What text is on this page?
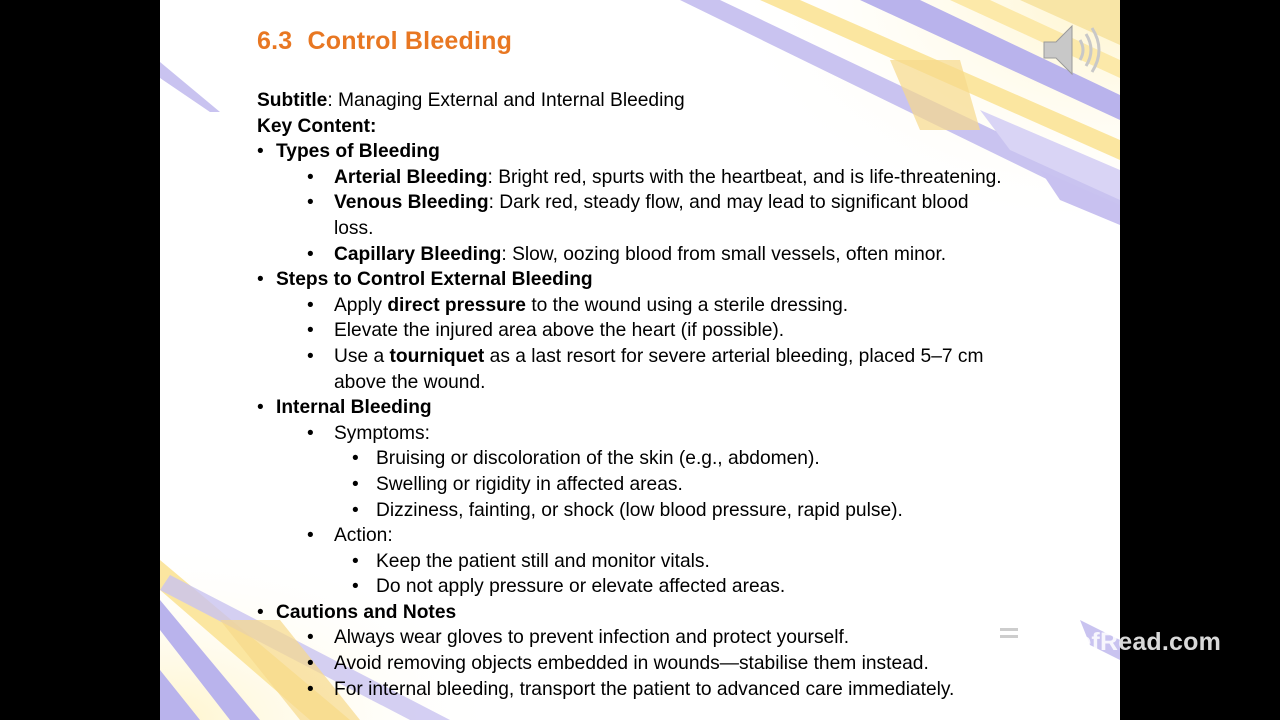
6.3 Control Bleeding
Subtitle: Managing External and Internal Bleeding
Key Content:
• Types of Bleeding
• Arterial Bleeding: Bright red, spurts with the heartbeat, and is life-threatening.
• Venous Bleeding: Dark red, steady flow, and may lead to significant blood
loss.
• Capillary Bleeding: Slow, oozing blood from small vessels, often minor.
• Steps to Control External Bleeding
• Apply direct pressure to the wound using a sterile dressing.
• Elevate the injured area above the heart (if possible).
• Use a tourniquet as a last resort for severe arterial bleeding, placed 5–7 cm
above the wound.
• Internal Bleeding
• Symptoms:
• Bruising or discoloration of the skin (e.g., abdomen).
• Swelling or rigidity in affected areas.
• Dizziness, fainting, or shock (low blood pressure, rapid pulse).
• Action:
• Keep the patient still and monitor vitals.
• Do not apply pressure or elevate affected areas.
• Cautions and Notes
• Always wear gloves to prevent infection and protect yourself.
• Avoid removing objects embedded in wounds—stabilise them instead.
• For internal bleeding, transport the patient to advanced care immediately.
BriefRead.com
